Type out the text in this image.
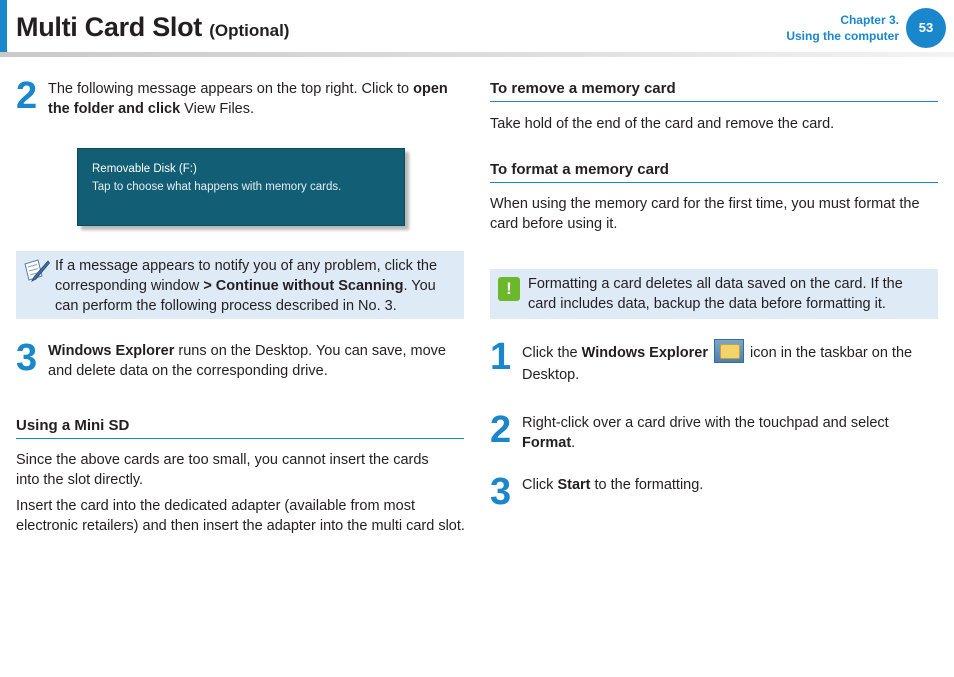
Multi Card Slot (Optional)
Chapter 3.
Using the computer
53
2 The following message appears on the top right. Click to open the folder and click View Files.
Removable Disk (F:)
Tap to choose what happens with memory cards.
If a message appears to notify you of any problem, click the corresponding window > Continue without Scanning. You can perform the following process described in No. 3.
3 Windows Explorer runs on the Desktop. You can save, move and delete data on the corresponding drive.
Using a Mini SD
Since the above cards are too small, you cannot insert the cards into the slot directly.
Insert the card into the dedicated adapter (available from most electronic retailers) and then insert the adapter into the multi card slot.
To remove a memory card
Take hold of the end of the card and remove the card.
To format a memory card
When using the memory card for the first time, you must format the card before using it.
!	Formatting a card deletes all data saved on the card. If the card includes data, backup the data before formatting it.
1 Click the Windows Explorer	icon in the taskbar on the Desktop.
2 Right-click over a card drive with the touchpad and select Format.
3 Click Start to the formatting.
